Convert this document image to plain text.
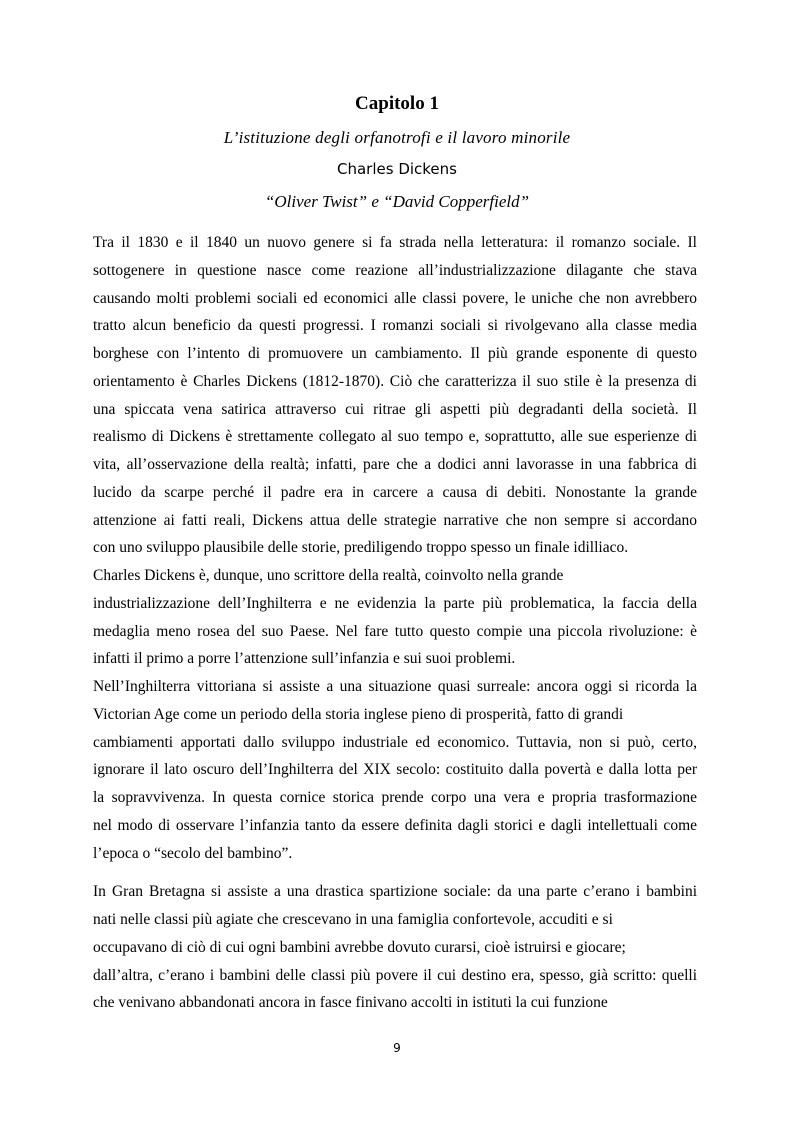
Capitolo 1
L’istituzione degli orfanotrofi e il lavoro minorile
Charles Dickens
“Oliver Twist” e “David Copperfield”
Tra il 1830 e il 1840 un nuovo genere si fa strada nella letteratura: il romanzo sociale. Il
sottogenere in questione nasce come reazione all’industrializzazione dilagante che stava
causando molti problemi sociali ed economici alle classi povere, le uniche che non avrebbero
tratto alcun beneficio da questi progressi. I romanzi sociali si rivolgevano alla classe media
borghese con l’intento di promuovere un cambiamento. Il più grande esponente di questo
orientamento è Charles Dickens (1812-1870). Ciò che caratterizza il suo stile è la presenza di
una spiccata vena satirica attraverso cui ritrae gli aspetti più degradanti della società. Il
realismo di Dickens è strettamente collegato al suo tempo e, soprattutto, alle sue esperienze di
vita, all’osservazione della realtà; infatti, pare che a dodici anni lavorasse in una fabbrica di
lucido da scarpe perché il padre era in carcere a causa di debiti. Nonostante la grande
attenzione ai fatti reali, Dickens attua delle strategie narrative che non sempre si accordano
con uno sviluppo plausibile delle storie, prediligendo troppo spesso un finale idilliaco.
Charles Dickens è, dunque, uno scrittore della realtà, coinvolto nella grande
industrializzazione dell’Inghilterra e ne evidenzia la parte più problematica, la faccia della
medaglia meno rosea del suo Paese. Nel fare tutto questo compie una piccola rivoluzione: è
infatti il primo a porre l’attenzione sull’infanzia e sui suoi problemi.
Nell’Inghilterra vittoriana si assiste a una situazione quasi surreale: ancora oggi si ricorda la
Victorian Age come un periodo della storia inglese pieno di prosperità, fatto di grandi
cambiamenti apportati dallo sviluppo industriale ed economico. Tuttavia, non si può, certo,
ignorare il lato oscuro dell’Inghilterra del XIX secolo: costituito dalla povertà e dalla lotta per
la sopravvivenza. In questa cornice storica prende corpo una vera e propria trasformazione
nel modo di osservare l’infanzia tanto da essere definita dagli storici e dagli intellettuali come
l’epoca o “secolo del bambino”.
In Gran Bretagna si assiste a una drastica spartizione sociale: da una parte c’erano i bambini
nati nelle classi più agiate che crescevano in una famiglia confortevole, accuditi e si
occupavano di ciò di cui ogni bambini avrebbe dovuto curarsi, cioè istruirsi e giocare;
dall’altra, c’erano i bambini delle classi più povere il cui destino era, spesso, già scritto: quelli
che venivano abbandonati ancora in fasce finivano accolti in istituti la cui funzione
9
